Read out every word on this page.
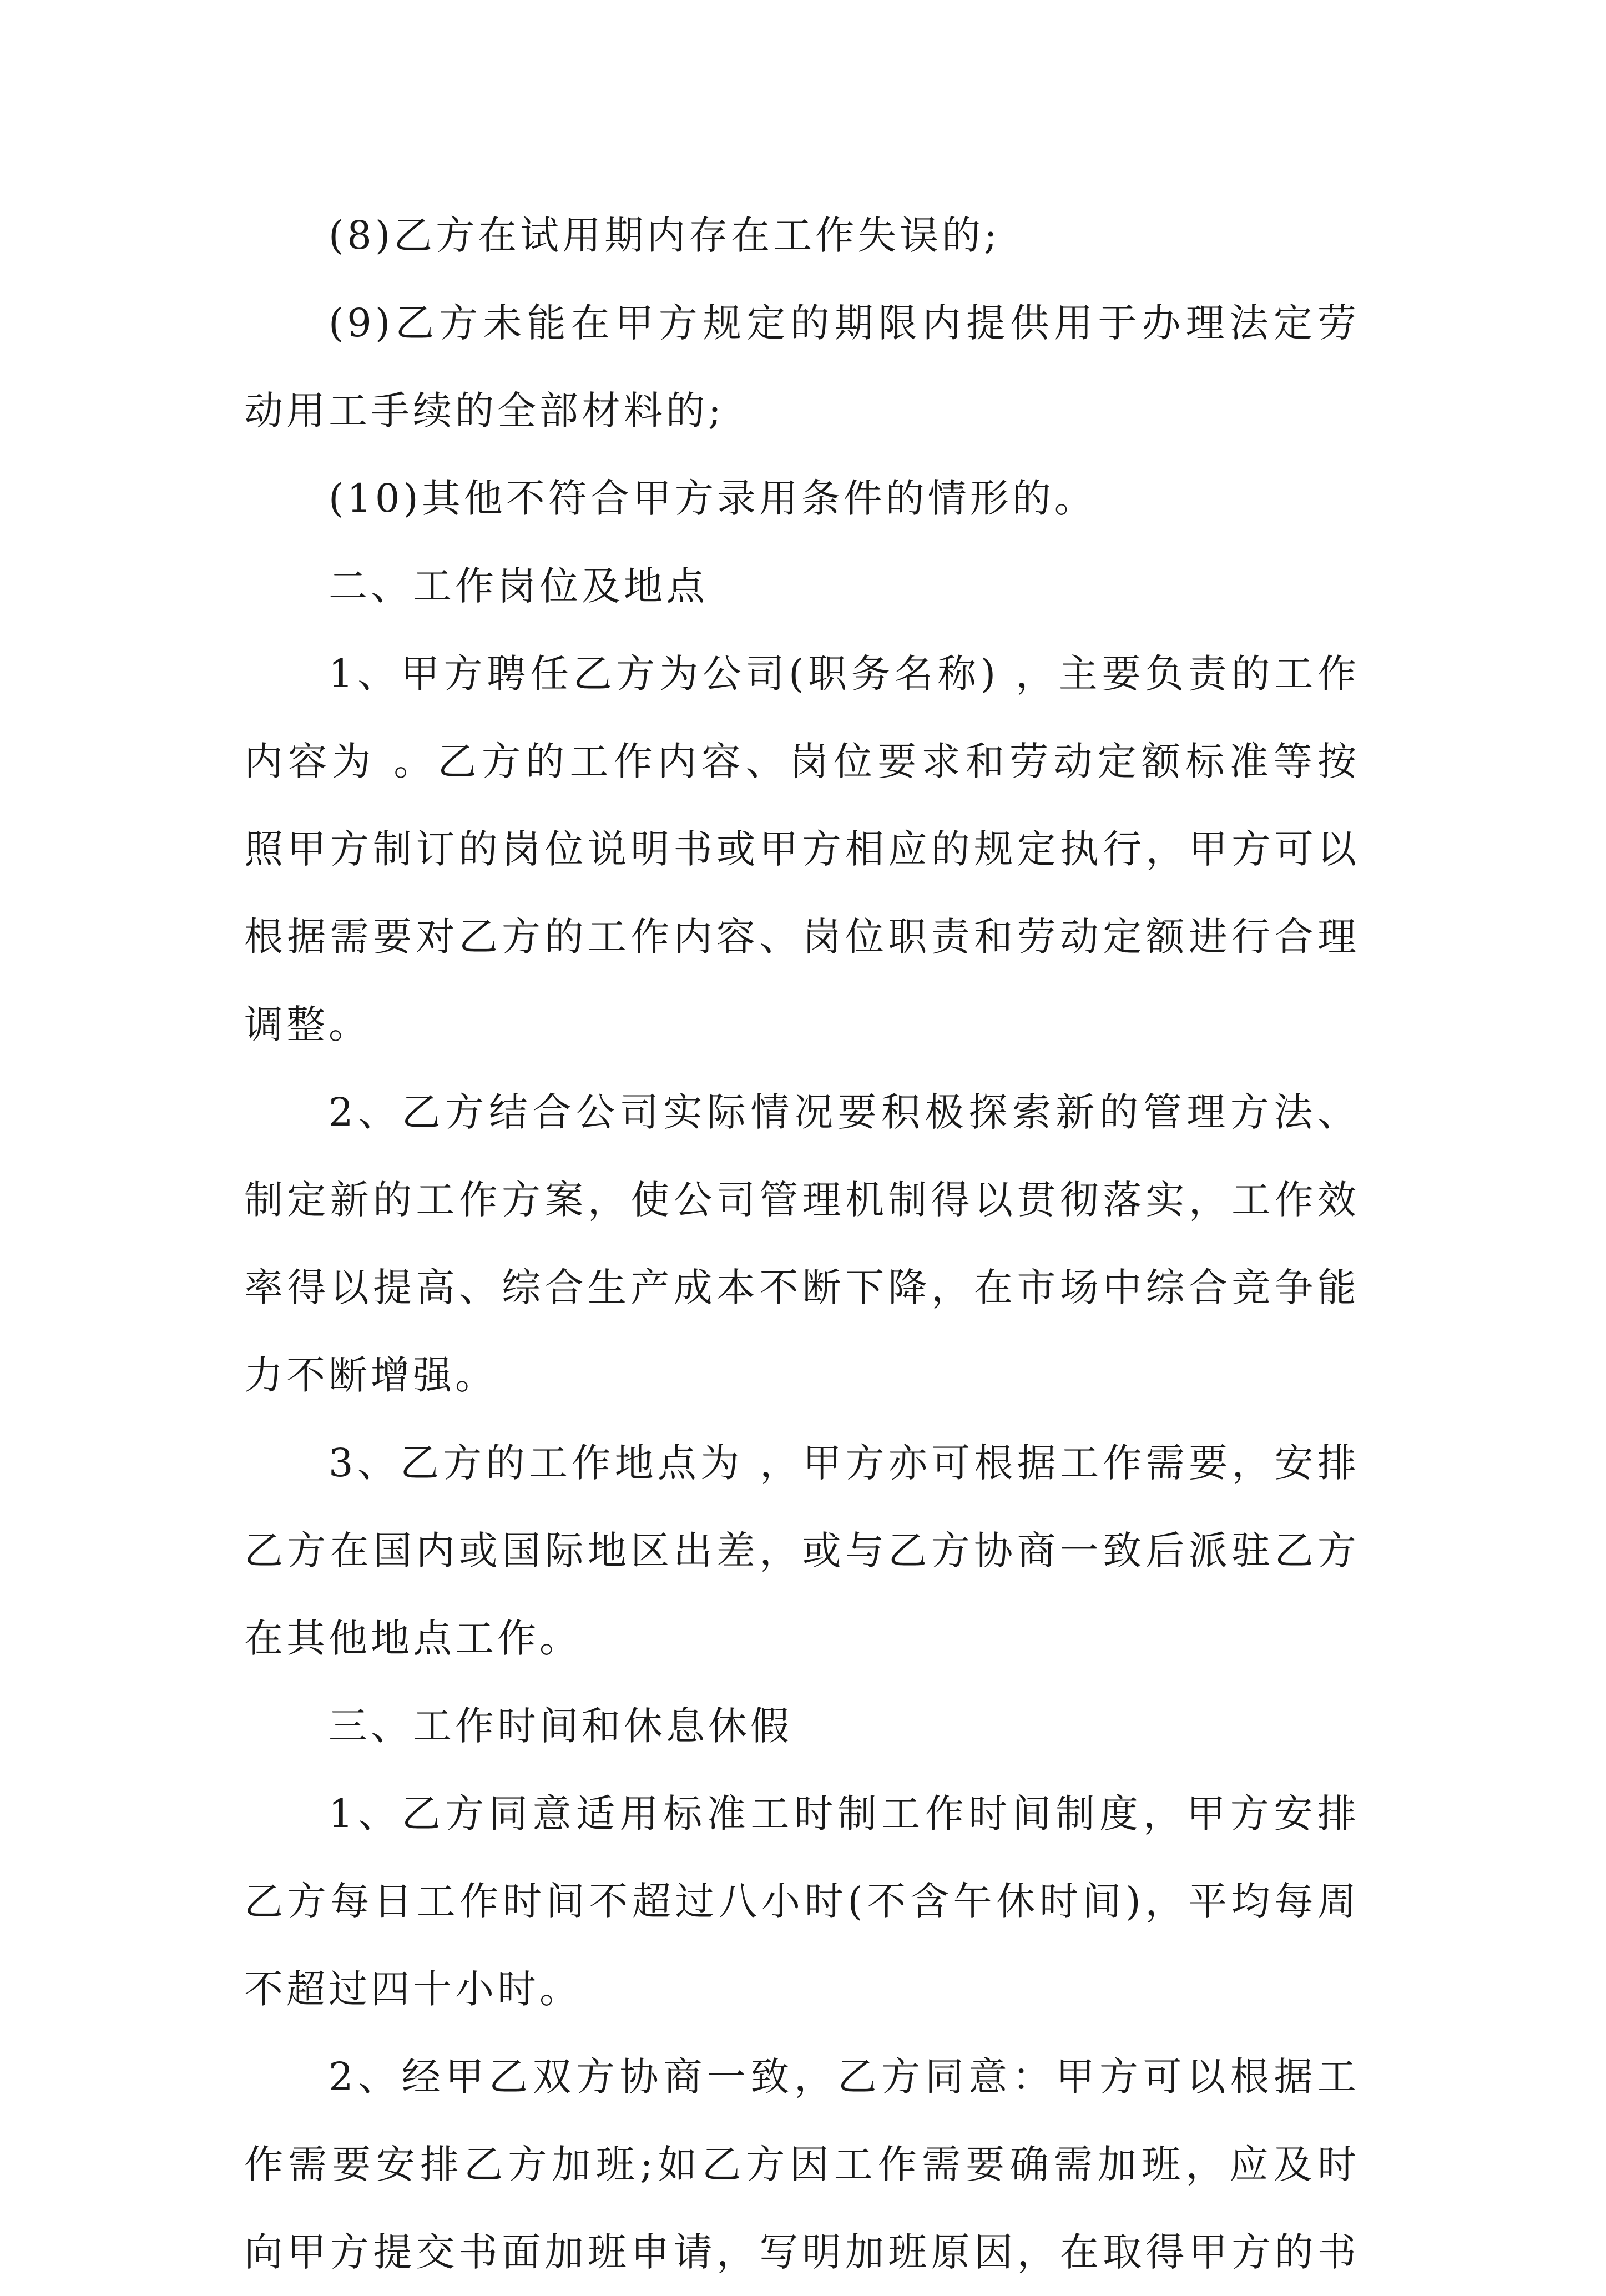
(8)乙方在试用期内存在工作失误的;
(9)乙方未能在甲方规定的期限内提供用于办理法定劳
动用工手续的全部材料的;
(10)其他不符合甲方录用条件的情形的。
二、工作岗位及地点
1、甲方聘任乙方为公司(职务名称) ，主要负责的工作
内容为 。乙方的工作内容、岗位要求和劳动定额标准等按
照甲方制订的岗位说明书或甲方相应的规定执行，甲方可以
根据需要对乙方的工作内容、岗位职责和劳动定额进行合理
调整。
2、乙方结合公司实际情况要积极探索新的管理方法、
制定新的工作方案，使公司管理机制得以贯彻落实，工作效
率得以提高、综合生产成本不断下降，在市场中综合竞争能
力不断增强。
3、乙方的工作地点为 ，甲方亦可根据工作需要，安排
乙方在国内或国际地区出差，或与乙方协商一致后派驻乙方
在其他地点工作。
三、工作时间和休息休假
1、乙方同意适用标准工时制工作时间制度，甲方安排
乙方每日工作时间不超过八小时(不含午休时间)，平均每周
不超过四十小时。
2、经甲乙双方协商一致，乙方同意：甲方可以根据工
作需要安排乙方加班;如乙方因工作需要确需加班，应及时
向甲方提交书面加班申请，写明加班原因，在取得甲方的书
